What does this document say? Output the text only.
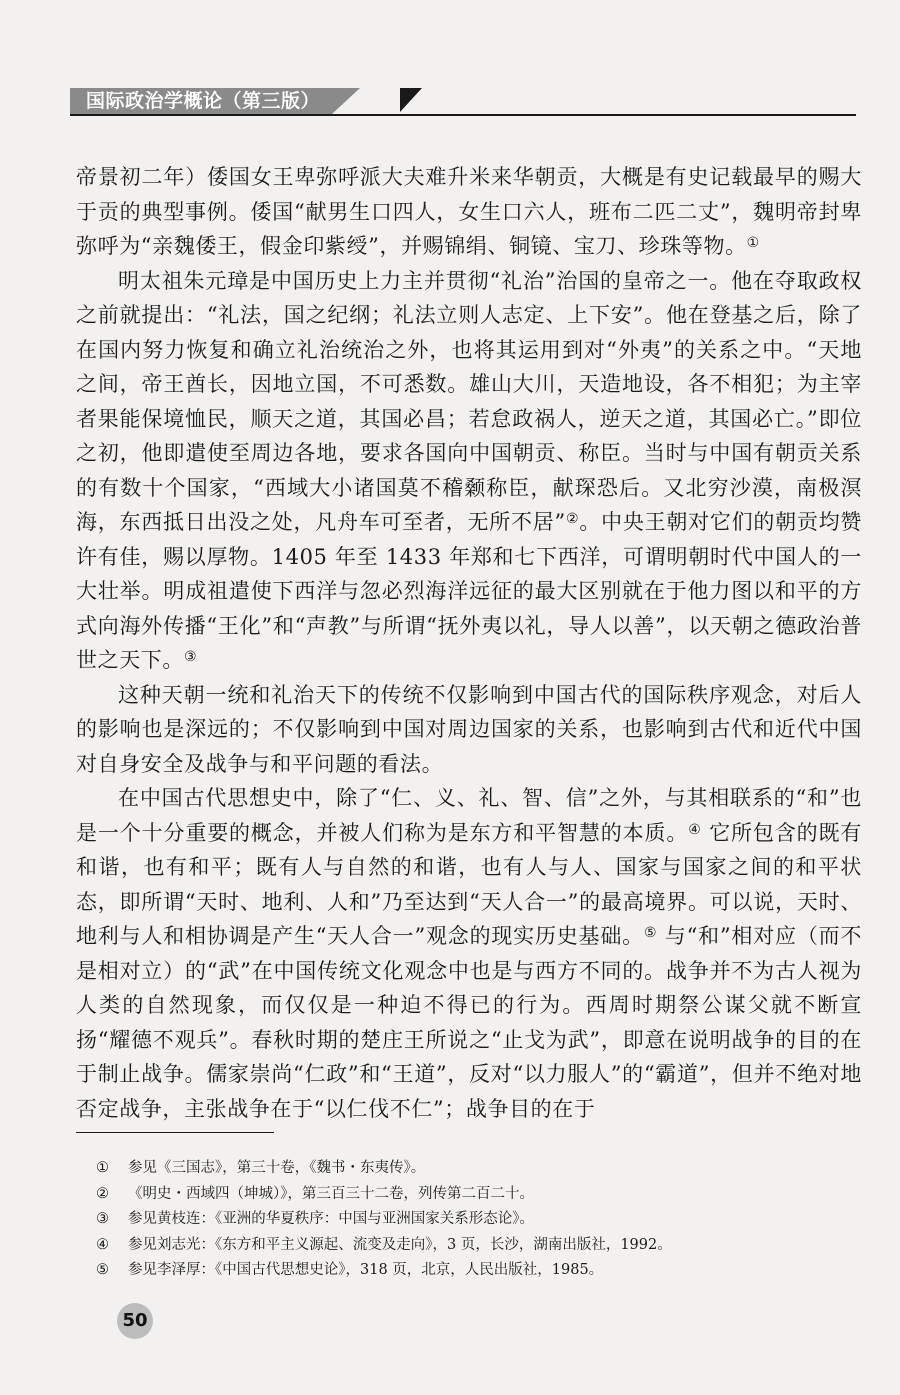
国际政治学概论（第三版）

帝景初二年）倭国女王卑弥呼派大夫难升米来华朝贡，大概是有史记载最早的赐大于贡的典型事例。倭国“献男生口四人，女生口六人，班布二匹二丈”，魏明帝封卑弥呼为“亲魏倭王，假金印紫绶”，并赐锦绢、铜镜、宝刀、珍珠等物。①

明太祖朱元璋是中国历史上力主并贯彻“礼治”治国的皇帝之一。他在夺取政权之前就提出：“礼法，国之纪纲；礼法立则人志定、上下安”。他在登基之后，除了在国内努力恢复和确立礼治统治之外，也将其运用到对“外夷”的关系之中。“天地之间，帝王酋长，因地立国，不可悉数。雄山大川，天造地设，各不相犯；为主宰者果能保境恤民，顺天之道，其国必昌；若怠政祸人，逆天之道，其国必亡。”即位之初，他即遣使至周边各地，要求各国向中国朝贡、称臣。当时与中国有朝贡关系的有数十个国家，“西域大小诸国莫不稽颡称臣，献琛恐后。又北穷沙漠，南极溟海，东西抵日出没之处，凡舟车可至者，无所不居”②。中央王朝对它们的朝贡均赞许有佳，赐以厚物。1405 年至 1433 年郑和七下西洋，可谓明朝时代中国人的一大壮举。明成祖遣使下西洋与忽必烈海洋远征的最大区别就在于他力图以和平的方式向海外传播“王化”和“声教”与所谓“抚外夷以礼，导人以善”，以天朝之德政治普世之天下。③

这种天朝一统和礼治天下的传统不仅影响到中国古代的国际秩序观念，对后人的影响也是深远的；不仅影响到中国对周边国家的关系，也影响到古代和近代中国对自身安全及战争与和平问题的看法。

在中国古代思想史中，除了“仁、义、礼、智、信”之外，与其相联系的“和”也是一个十分重要的概念，并被人们称为是东方和平智慧的本质。④ 它所包含的既有和谐，也有和平；既有人与自然的和谐，也有人与人、国家与国家之间的和平状态，即所谓“天时、地利、人和”乃至达到“天人合一”的最高境界。可以说，天时、地利与人和相协调是产生“天人合一”观念的现实历史基础。⑤ 与“和”相对应（而不是相对立）的“武”在中国传统文化观念中也是与西方不同的。战争并不为古人视为人类的自然现象，而仅仅是一种迫不得已的行为。西周时期祭公谋父就不断宣扬“耀德不观兵”。春秋时期的楚庄王所说之“止戈为武”，即意在说明战争的目的在于制止战争。儒家崇尚“仁政”和“王道”，反对“以力服人”的“霸道”，但并不绝对地否定战争，主张战争在于“以仁伐不仁”；战争目的在于

①	参见《三国志》，第三十卷，《魏书・东夷传》。
②	《明史・西域四（坤城）》，第三百三十二卷，列传第二百二十。
③	参见黄枝连：《亚洲的华夏秩序：中国与亚洲国家关系形态论》。
④	参见刘志光：《东方和平主义源起、流变及走向》，3 页，长沙，湖南出版社，1992。
⑤	参见李泽厚：《中国古代思想史论》，318 页，北京，人民出版社，1985。
50
